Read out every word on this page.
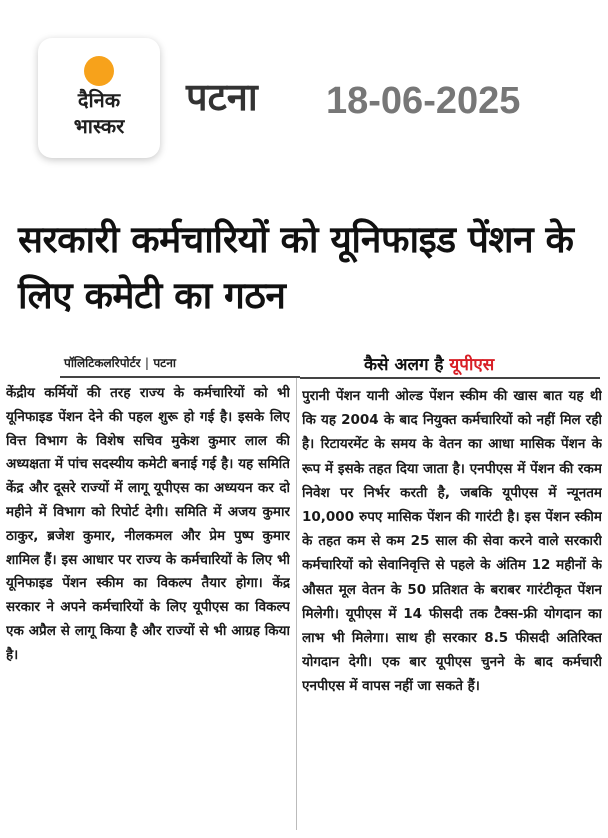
दैनिक
भास्कर
पटना 18-06-2025
सरकारी कर्मचारियों को यूनिफाइड पेंशन के लिए कमेटी का गठन
पॉलिटिकलरिपोर्टर | पटना	कैसे अलग है यूपीएस
केंद्रीय कर्मियों की तरह राज्य के कर्मचारियों को भी यूनिफाइड पेंशन देने की पहल शुरू हो गई है। इसके लिए वित्त विभाग के विशेष सचिव मुकेश कुमार लाल की अध्यक्षता में पांच सदस्यीय कमेटी बनाई गई है। यह समिति केंद्र और दूसरे राज्यों में लागू यूपीएस का अध्ययन कर दो महीने में विभाग को रिपोर्ट देगी। समिति में अजय कुमार ठाकुर, ब्रजेश कुमार, नीलकमल और प्रेम पुष्प कुमार शामिल हैं। इस आधार पर राज्य के कर्मचारियों के लिए भी यूनिफाइड पेंशन स्कीम का विकल्प तैयार होगा। केंद्र सरकार ने अपने कर्मचारियों के लिए यूपीएस का विकल्प एक अप्रैल से लागू किया है और राज्यों से भी आग्रह किया है।
पुरानी पेंशन यानी ओल्ड पेंशन स्कीम की खास बात यह थी कि यह 2004 के बाद नियुक्त कर्मचारियों को नहीं मिल रही है। रिटायरमेंट के समय के वेतन का आधा मासिक पेंशन के रूप में इसके तहत दिया जाता है। एनपीएस में पेंशन की रकम निवेश पर निर्भर करती है, जबकि यूपीएस में न्यूनतम 10,000 रुपए मासिक पेंशन की गारंटी है। इस पेंशन स्कीम के तहत कम से कम 25 साल की सेवा करने वाले सरकारी कर्मचारियों को सेवानिवृत्ति से पहले के अंतिम 12 महीनों के औसत मूल वेतन के 50 प्रतिशत के बराबर गारंटीकृत पेंशन मिलेगी। यूपीएस में 14 फीसदी तक टैक्स-फ्री योगदान का लाभ भी मिलेगा। साथ ही सरकार 8.5 फीसदी अतिरिक्त योगदान देगी। एक बार यूपीएस चुनने के बाद कर्मचारी एनपीएस में वापस नहीं जा सकते हैं।
